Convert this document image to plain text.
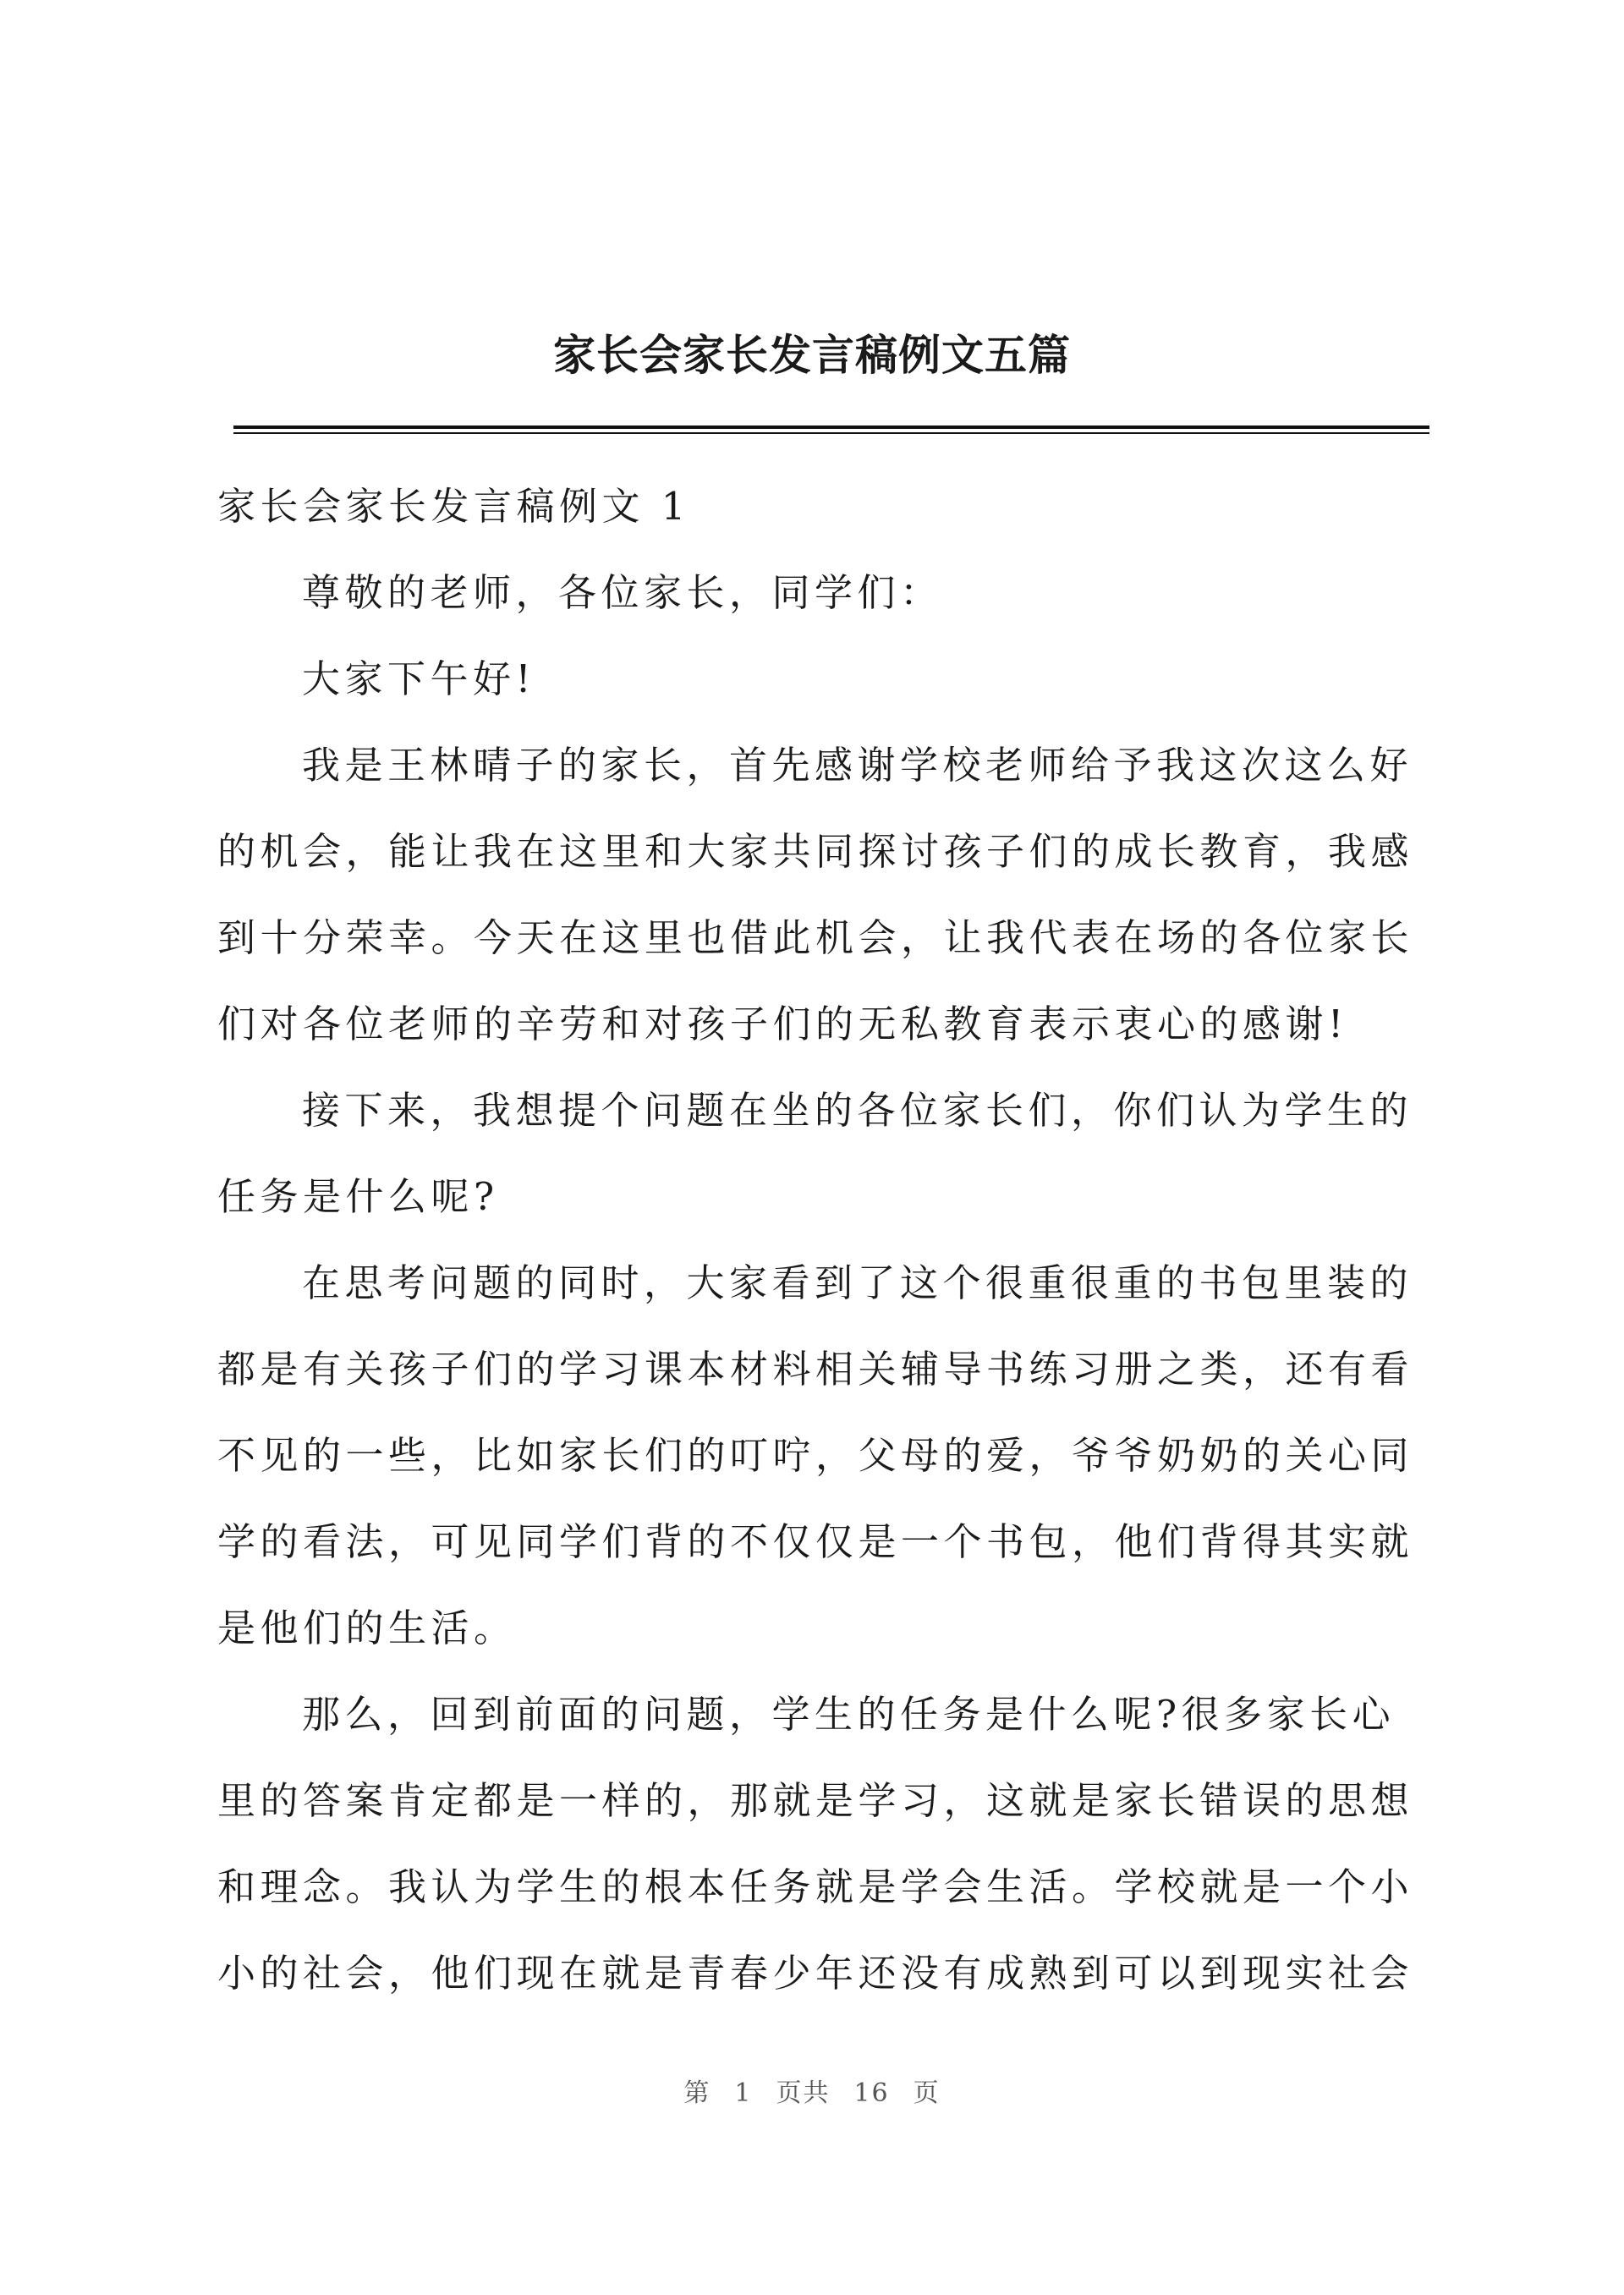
家长会家长发言稿例文五篇
家长会家长发言稿例文 1
尊敬的老师，各位家长，同学们：
大家下午好!
我是王林晴子的家长，首先感谢学校老师给予我这次这么好
的机会，能让我在这里和大家共同探讨孩子们的成长教育，我感
到十分荣幸。今天在这里也借此机会，让我代表在场的各位家长
们对各位老师的辛劳和对孩子们的无私教育表示衷心的感谢!
接下来，我想提个问题在坐的各位家长们，你们认为学生的
任务是什么呢?
在思考问题的同时，大家看到了这个很重很重的书包里装的
都是有关孩子们的学习课本材料相关辅导书练习册之类，还有看
不见的一些，比如家长们的叮咛，父母的爱，爷爷奶奶的关心同
学的看法，可见同学们背的不仅仅是一个书包，他们背得其实就
是他们的生活。
那么，回到前面的问题，学生的任务是什么呢?很多家长心
里的答案肯定都是一样的，那就是学习，这就是家长错误的思想
和理念。我认为学生的根本任务就是学会生活。学校就是一个小
小的社会，他们现在就是青春少年还没有成熟到可以到现实社会
第 1 页共 16 页
